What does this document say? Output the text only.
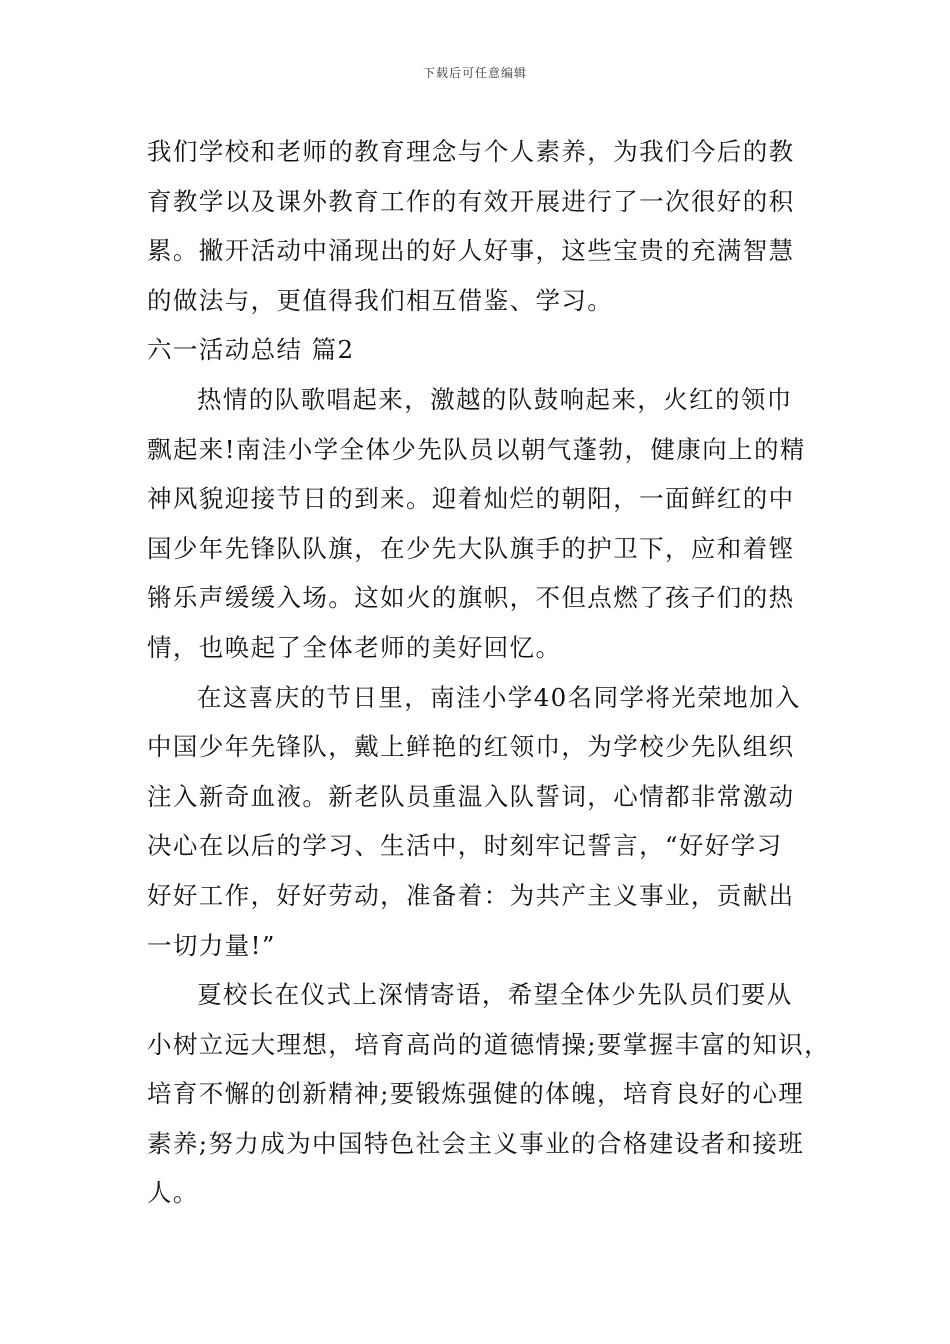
下载后可任意编辑
我们学校和老师的教育理念与个人素养，为我们今后的教
育教学以及课外教育工作的有效开展进行了一次很好的积
累。撇开活动中涌现出的好人好事，这些宝贵的充满智慧
的做法与，更值得我们相互借鉴、学习。
六一活动总结 篇2
热情的队歌唱起来，激越的队鼓响起来，火红的领巾
飘起来!南洼小学全体少先队员以朝气蓬勃，健康向上的精
神风貌迎接节日的到来。迎着灿烂的朝阳，一面鲜红的中
国少年先锋队队旗，在少先大队旗手的护卫下，应和着铿
锵乐声缓缓入场。这如火的旗帜，不但点燃了孩子们的热
情，也唤起了全体老师的美好回忆。
在这喜庆的节日里，南洼小学40名同学将光荣地加入
中国少年先锋队，戴上鲜艳的红领巾，为学校少先队组织
注入新奇血液。新老队员重温入队誓词，心情都非常激动
决心在以后的学习、生活中，时刻牢记誓言，“好好学习
好好工作，好好劳动，准备着：为共产主义事业，贡献出
一切力量!”
夏校长在仪式上深情寄语，希望全体少先队员们要从
小树立远大理想，培育高尚的道德情操;要掌握丰富的知识，
培育不懈的创新精神;要锻炼强健的体魄，培育良好的心理
素养;努力成为中国特色社会主义事业的合格建设者和接班
人。
